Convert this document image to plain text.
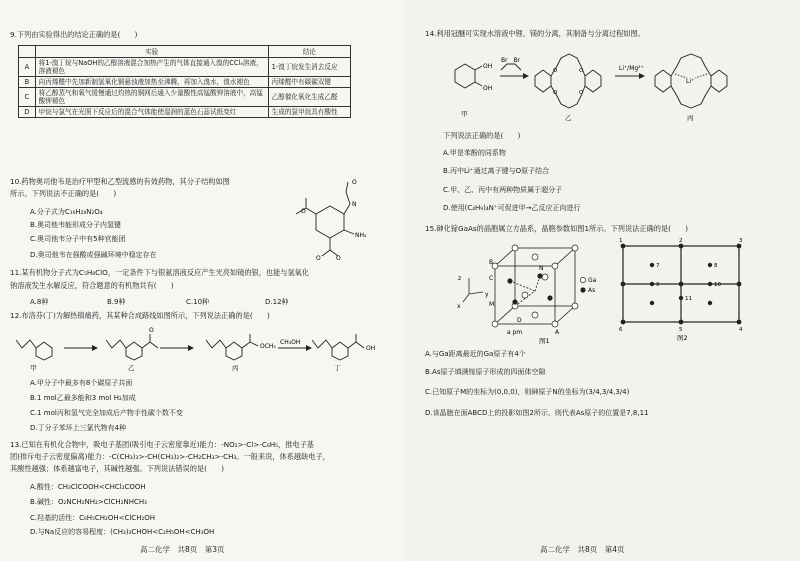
9.下列由实验得出的结论正确的是(　　)
	实验	结论
A	将1-溴丁烷与NaOH的乙醇溶液混合加热产生的气体直接通入溴的CCl₄溶液，溶液褪色	1-溴丁烷发生消去反应
B	向丙烯醛中先加新制氢氧化铜悬浊液加热至沸腾，再加入溴水，溴水褪色	丙烯醛中有碳碳双键
C	将乙醇蒸气和氧气缓慢通过灼热的铜网后通入少量酸性高锰酸钾溶液中，高锰酸钾褪色	乙醇催化氧化生成乙醛
D	甲烷与氯气在光照下反应后的混合气体能使湿润的蓝色石蕊试纸变红	生成的氯甲烷具有酸性
10.药物奥司他韦是治疗甲型和乙型流感的有效药物，其分子结构如图
所示。下列说法不正确的是(　　)
A.分子式为C₁₆H₂₈N₂O₄
B.奥司他韦能形成分子内氢键
C.奥司他韦分子中有5种官能团
D.奥司他韦在强酸或强碱环境中稳定存在
O
N
O
NH₂
O	O
11.某有机物分子式为C₅H₈ClO，一定条件下与银氨溶液反应产生光亮如镜的银，也能与氢氧化
钠溶液发生水解反应，符合题意的有机物共有(　　)
A.8种	B.9种	C.10种	D.12种
12.布洛芬(丁)为解热镇痛药，其某种合成路线如图所示，下列说法正确的是(　　)
O
OCH₃	OH
CH₃OH
甲	乙	丙	丁
A.甲分子中最多有8个碳原子共面
B.1 mol乙最多能和3 mol H₂加成
C.1 mol丙和氢气完全加成后产物手性碳个数不变
D.丁分子苯环上三氯代物有4种
13.已知在有机化合物中，吸电子基团(吸引电子云密度靠近)能力：-NO₂>-Cl>-C₆H₅，推电子基
团(排斥电子云密度偏离)能力：-C(CH₃)₃>-CH(CH₃)₂>-CH₂CH₃>-CH₃。一般来说，体系越缺电子，
其酸性越强；体系越富电子，其碱性越强。下列说法错误的是(　　)
A.酸性：CH₃ClCOOH<CHCl₂COOH
B.碱性：O₂NCH₂NH₂>ClCH₂NHCH₃
C.羟基的活性：C₆H₅CH₂OH<ClCH₂OH
D.与Na反应的容易程度：(CH₃)₃CHOH<C₂H₅OH<CH₃OH
高二化学　共8页　第3页
14.利用冠醚可实现水溶液中锂、镁的分离，其制备与分离过程如图。
OH
OH
Br　Br
Li⁺/Mg²⁺
Li⁺
O	O
O	O
甲	乙	丙
下列说法正确的是(　　)
A.甲是苯酚的同系物
B.丙中Li⁺通过离子键与O原子结合
C.甲、乙、丙中有两种物质属于超分子
D.使用(C₄H₉)₄N⁺可促进甲→乙反应正向进行
15.砷化镓GaAs的晶胞属立方晶系，晶胞参数如图1所示。下列说法正确的是(　　)
z
y
x
B
C
M
N
A
D
a pm
Ga
As
图1
1	2	3
7	8
9	10
11
6	5	4
图2
A.与Ga距离最近的Ga原子有4个
B.As原子填满镓原子形成的四面体空隙
C.已知原子M的坐标为(0,0,0)，则砷原子N的坐标为(3/4,3/4,3/4)
D.该晶胞在面ABCD上的投影如图2所示，则代表As原子的位置是7,8,11
高二化学　共8页　第4页
